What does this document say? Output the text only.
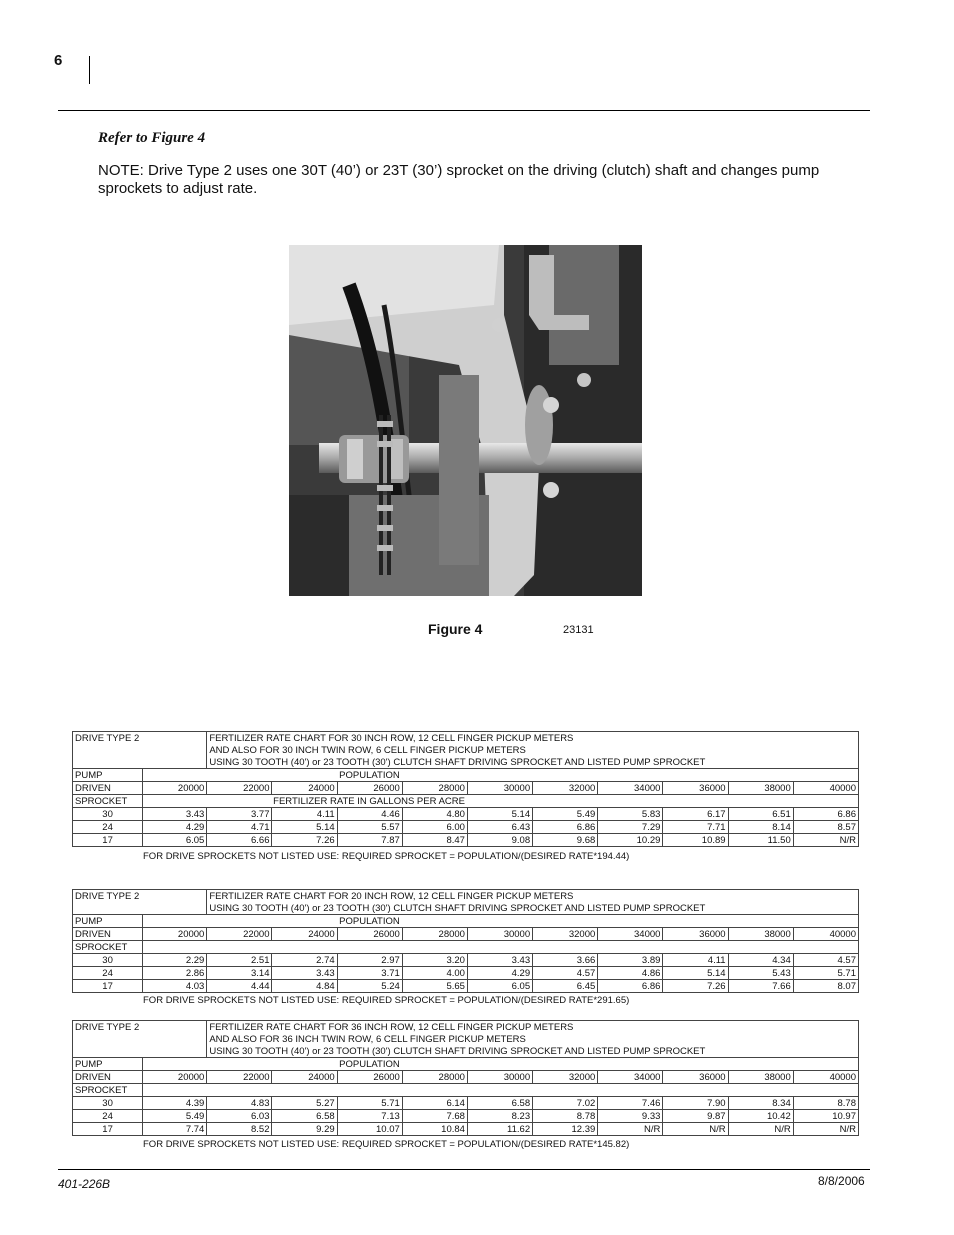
6
Refer to Figure 4
NOTE: Drive Type 2 uses one 30T (40’) or 23T (30’) sprocket on the driving (clutch) shaft and changes pump sprockets to adjust rate.
Figure 4	23131
DRIVE TYPE 2		FERTILIZER RATE CHART FOR 30 INCH ROW, 12 CELL FINGER PICKUP METERS									
		AND ALSO FOR 30 INCH TWIN ROW, 6 CELL FINGER PICKUP METERS									
		USING 30 TOOTH (40') or 23 TOOTH (30') CLUTCH SHAFT DRIVING SPROCKET AND LISTED PUMP SPROCKET									
PUMP	POPULATION										
DRIVEN	20000	22000	24000	26000	28000	30000	32000	34000	36000	38000	40000
SPROCKET	FERTILIZER RATE IN GALLONS PER ACRE										
30	3.43	3.77	4.11	4.46	4.80	5.14	5.49	5.83	6.17	6.51	6.86
24	4.29	4.71	5.14	5.57	6.00	6.43	6.86	7.29	7.71	8.14	8.57
17	6.05	6.66	7.26	7.87	8.47	9.08	9.68	10.29	10.89	11.50	N/R
FOR DRIVE SPROCKETS NOT LISTED USE: REQUIRED SPROCKET = POPULATION/(DESIRED RATE*194.44)
DRIVE TYPE 2		FERTILIZER RATE CHART FOR 20 INCH ROW, 12 CELL FINGER PICKUP METERS									
		USING 30 TOOTH (40') or 23 TOOTH (30') CLUTCH SHAFT DRIVING SPROCKET AND LISTED PUMP SPROCKET									
PUMP	POPULATION										
DRIVEN	20000	22000	24000	26000	28000	30000	32000	34000	36000	38000	40000
SPROCKET											
30	2.29	2.51	2.74	2.97	3.20	3.43	3.66	3.89	4.11	4.34	4.57
24	2.86	3.14	3.43	3.71	4.00	4.29	4.57	4.86	5.14	5.43	5.71
17	4.03	4.44	4.84	5.24	5.65	6.05	6.45	6.86	7.26	7.66	8.07
FOR DRIVE SPROCKETS NOT LISTED USE: REQUIRED SPROCKET = POPULATION/(DESIRED RATE*291.65)
DRIVE TYPE 2		FERTILIZER RATE CHART FOR 36 INCH ROW, 12 CELL FINGER PICKUP METERS									
		AND ALSO FOR 36 INCH TWIN ROW, 6 CELL FINGER PICKUP METERS									
		USING 30 TOOTH (40') or 23 TOOTH (30') CLUTCH SHAFT DRIVING SPROCKET AND LISTED PUMP SPROCKET									
PUMP	POPULATION										
DRIVEN	20000	22000	24000	26000	28000	30000	32000	34000	36000	38000	40000
SPROCKET											
30	4.39	4.83	5.27	5.71	6.14	6.58	7.02	7.46	7.90	8.34	8.78
24	5.49	6.03	6.58	7.13	7.68	8.23	8.78	9.33	9.87	10.42	10.97
17	7.74	8.52	9.29	10.07	10.84	11.62	12.39	N/R	N/R	N/R	N/R
FOR DRIVE SPROCKETS NOT LISTED USE: REQUIRED SPROCKET = POPULATION/(DESIRED RATE*145.82)
401-226B	8/8/2006
